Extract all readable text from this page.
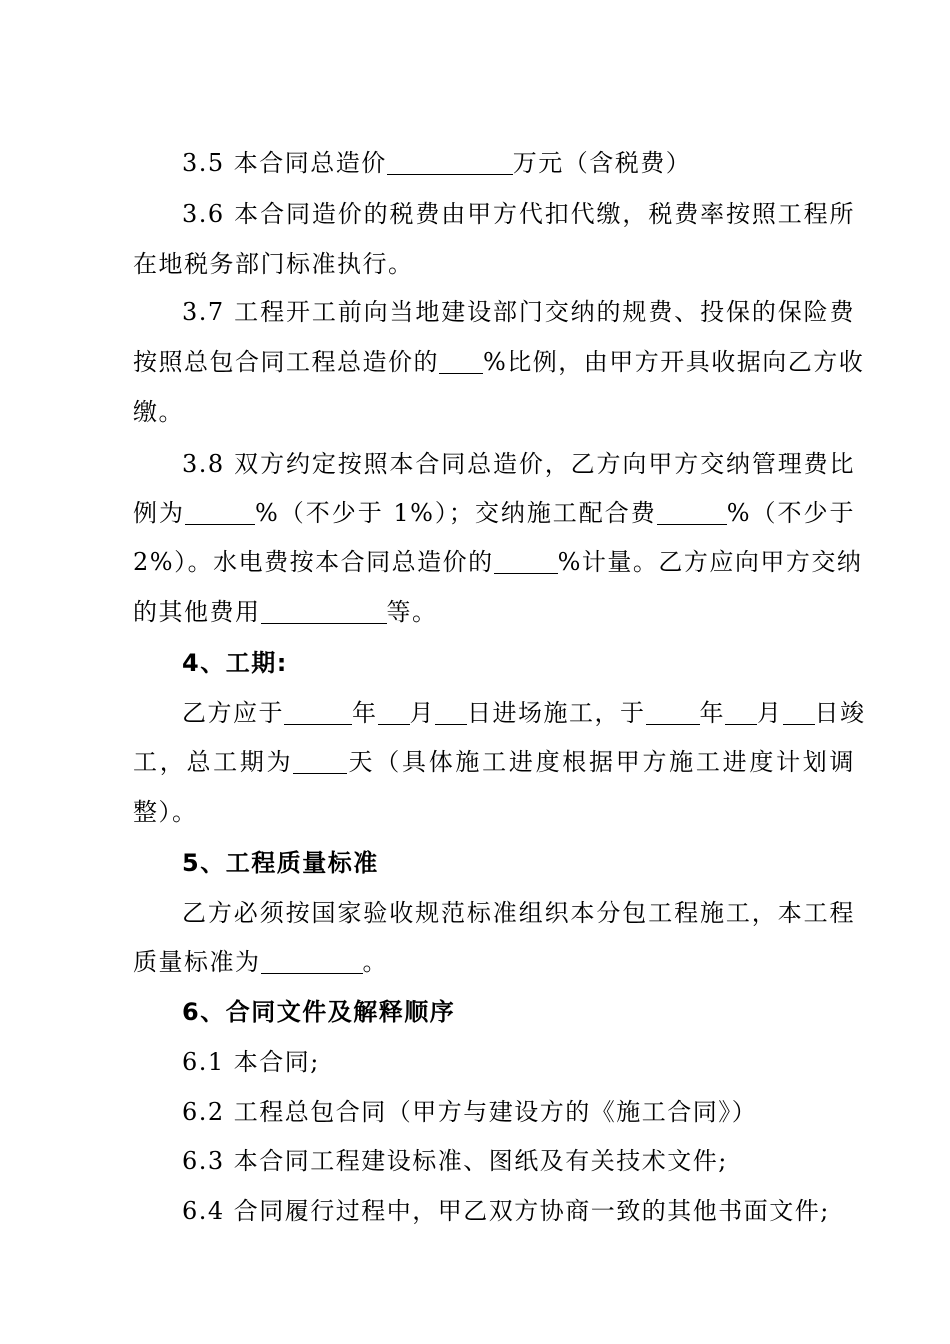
3.5 本合同总造价	万元（含税费）
3.6 本合同造价的税费由甲方代扣代缴，税费率按照工程所
在地税务部门标准执行。
3.7 工程开工前向当地建设部门交纳的规费、投保的保险费
按照总包合同工程总造价的 %比例，由甲方开具收据向乙方收
缴。
3.8 双方约定按照本合同总造价，乙方向甲方交纳管理费比
例为	%（不少于 1%）；交纳施工配合费	%（不少于
2%）。水电费按本合同总造价的	%计量。乙方应向甲方交纳
的其他费用	等。
4、工期:
乙方应于	年 月 日进场施工，于 年 月 日竣
工，总工期为 天（具体施工进度根据甲方施工进度计划调
整）。
5、工程质量标准
乙方必须按国家验收规范标准组织本分包工程施工，本工程
质量标准为	。
6、合同文件及解释顺序
6.1 本合同;
6.2 工程总包合同（甲方与建设方的《施工合同》）
6.3 本合同工程建设标准、图纸及有关技术文件;
6.4 合同履行过程中，甲乙双方协商一致的其他书面文件;
